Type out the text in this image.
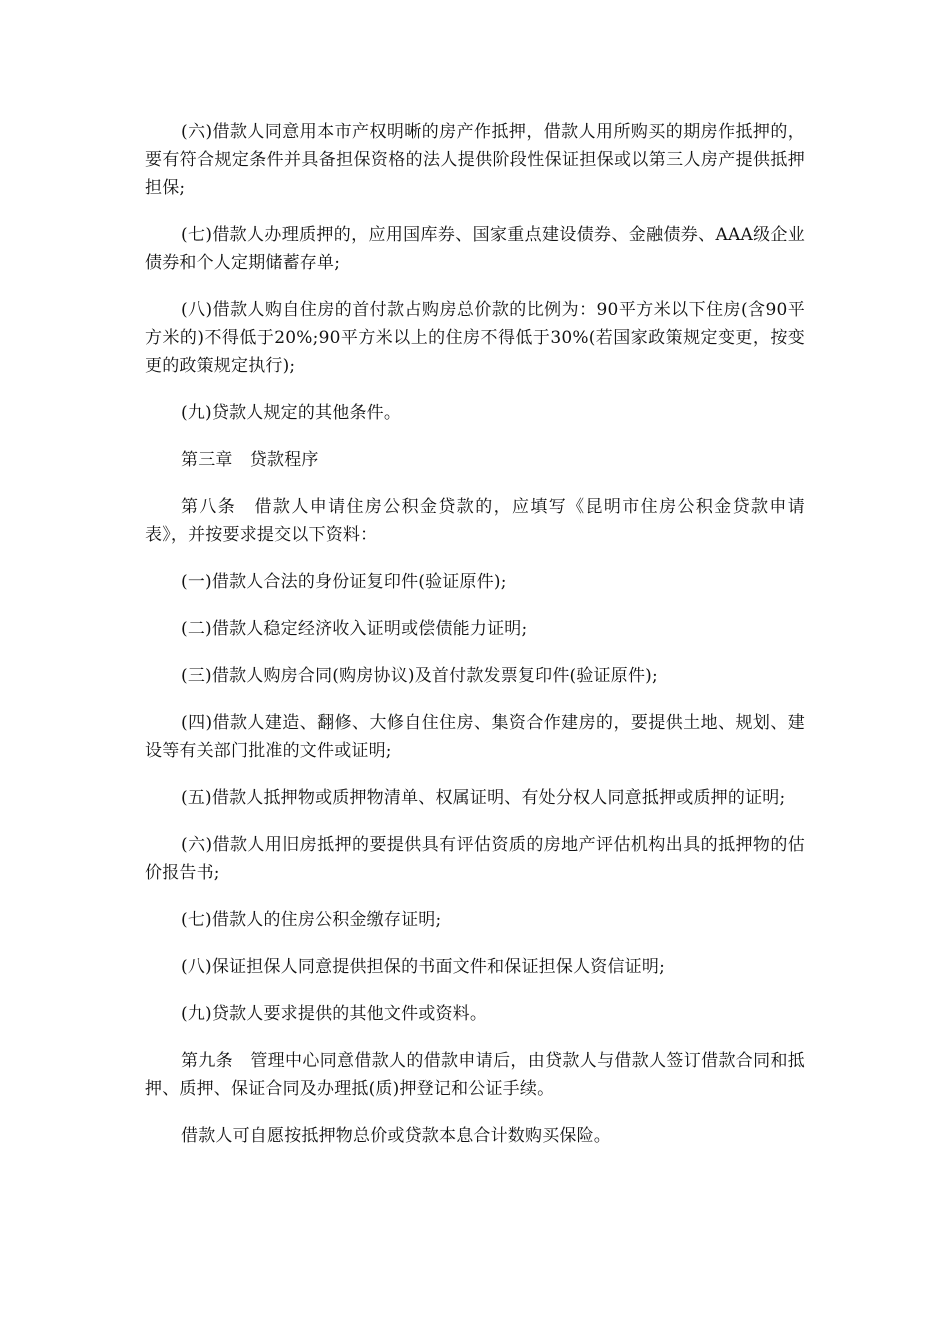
(六)借款人同意用本市产权明晰的房产作抵押，借款人用所购买的期房作抵押的，要有符合规定条件并具备担保资格的法人提供阶段性保证担保或以第三人房产提供抵押担保;

(七)借款人办理质押的，应用国库券、国家重点建设债券、金融债券、AAA级企业债券和个人定期储蓄存单;

(八)借款人购自住房的首付款占购房总价款的比例为：90平方米以下住房(含90平方米的)不得低于20%;90平方米以上的住房不得低于30%(若国家政策规定变更，按变更的政策规定执行);

(九)贷款人规定的其他条件。

第三章　贷款程序

第八条　借款人申请住房公积金贷款的，应填写《昆明市住房公积金贷款申请表》，并按要求提交以下资料：

(一)借款人合法的身份证复印件(验证原件);

(二)借款人稳定经济收入证明或偿债能力证明;

(三)借款人购房合同(购房协议)及首付款发票复印件(验证原件);

(四)借款人建造、翻修、大修自住住房、集资合作建房的，要提供土地、规划、建设等有关部门批准的文件或证明;

(五)借款人抵押物或质押物清单、权属证明、有处分权人同意抵押或质押的证明;

(六)借款人用旧房抵押的要提供具有评估资质的房地产评估机构出具的抵押物的估价报告书;

(七)借款人的住房公积金缴存证明;

(八)保证担保人同意提供担保的书面文件和保证担保人资信证明;

(九)贷款人要求提供的其他文件或资料。

第九条　管理中心同意借款人的借款申请后，由贷款人与借款人签订借款合同和抵押、质押、保证合同及办理抵(质)押登记和公证手续。

借款人可自愿按抵押物总价或贷款本息合计数购买保险。
